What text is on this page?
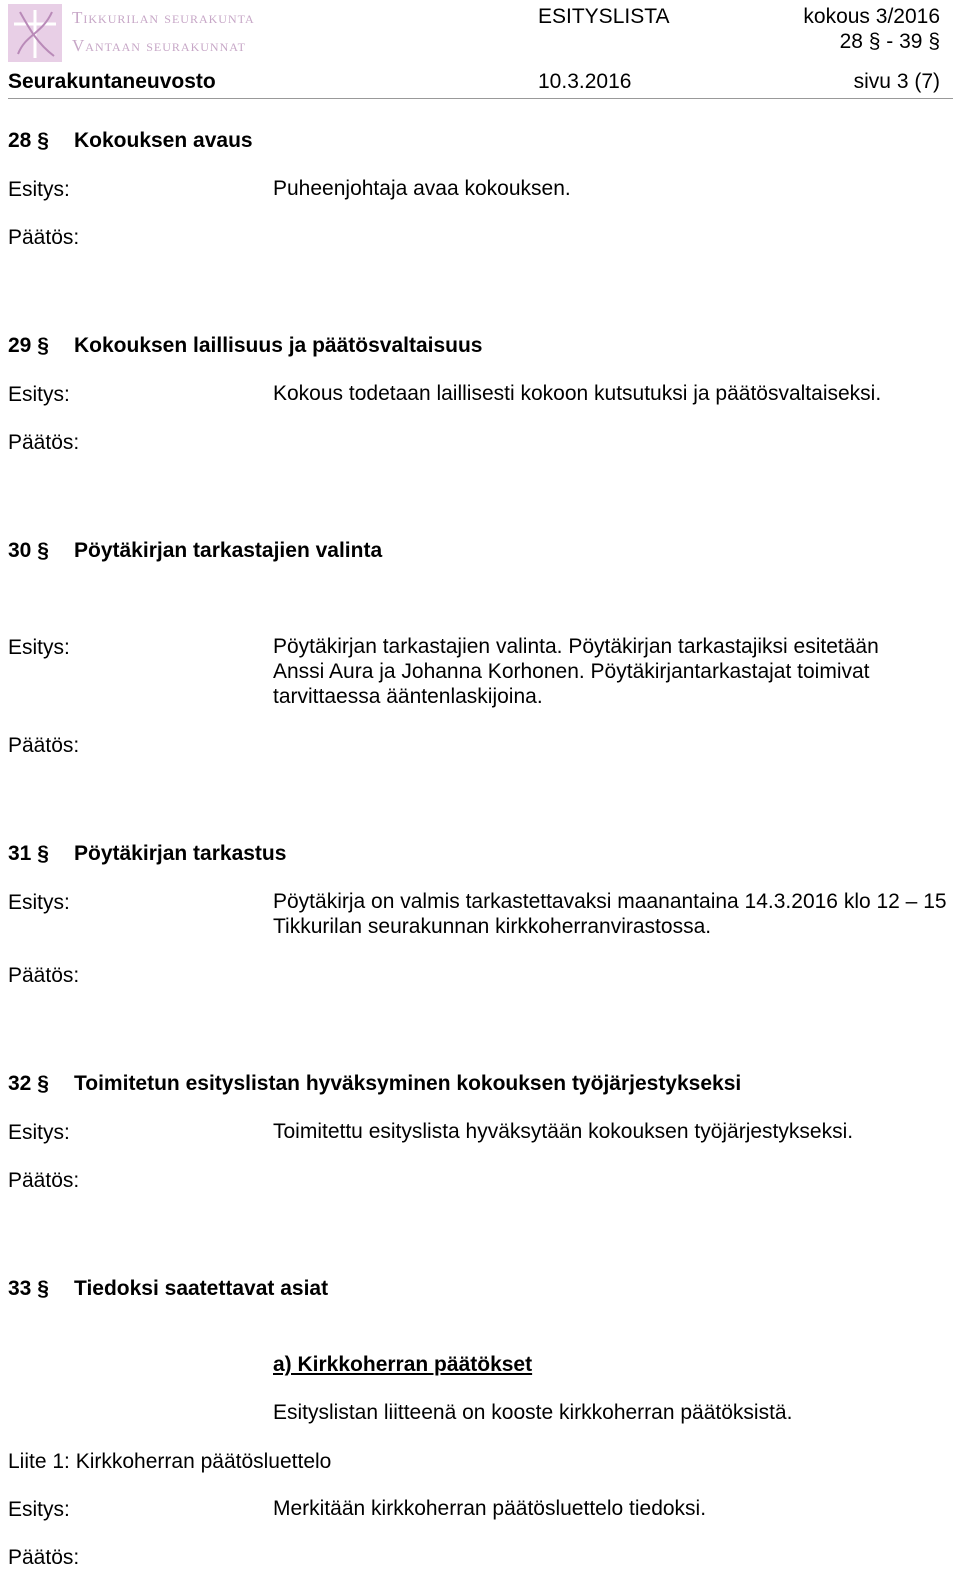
Tikkurilan seurakunta
Vantaan seurakunnat
ESITYSLISTA	kokous 3/2016
28 § - 39 §
Seurakuntaneuvosto	10.3.2016	sivu 3 (7)
28 § Kokouksen avaus
Esitys:	Puheenjohtaja avaa kokouksen.
Päätös:
29 § Kokouksen laillisuus ja päätösvaltaisuus
Esitys:	Kokous todetaan laillisesti kokoon kutsutuksi ja päätösvaltaiseksi.
Päätös:
30 § Pöytäkirjan tarkastajien valinta
Esitys:	Pöytäkirjan tarkastajien valinta. Pöytäkirjan tarkastajiksi esitetään Anssi Aura ja Johanna Korhonen. Pöytäkirjantarkastajat toimivat tarvittaessa ääntenlaskijoina.
Päätös:
31 § Pöytäkirjan tarkastus
Esitys:	Pöytäkirja on valmis tarkastettavaksi maanantaina 14.3.2016 klo 12 – 15 Tikkurilan seurakunnan kirkkoherranvirastossa.
Päätös:
32 § Toimitetun esityslistan hyväksyminen kokouksen työjärjestykseksi
Esitys:	Toimitettu esityslista hyväksytään kokouksen työjärjestykseksi.
Päätös:
33 § Tiedoksi saatettavat asiat
a) Kirkkoherran päätökset
Esityslistan liitteenä on kooste kirkkoherran päätöksistä.
Liite 1: Kirkkoherran päätösluettelo
Esitys:	Merkitään kirkkoherran päätösluettelo tiedoksi.
Päätös:
